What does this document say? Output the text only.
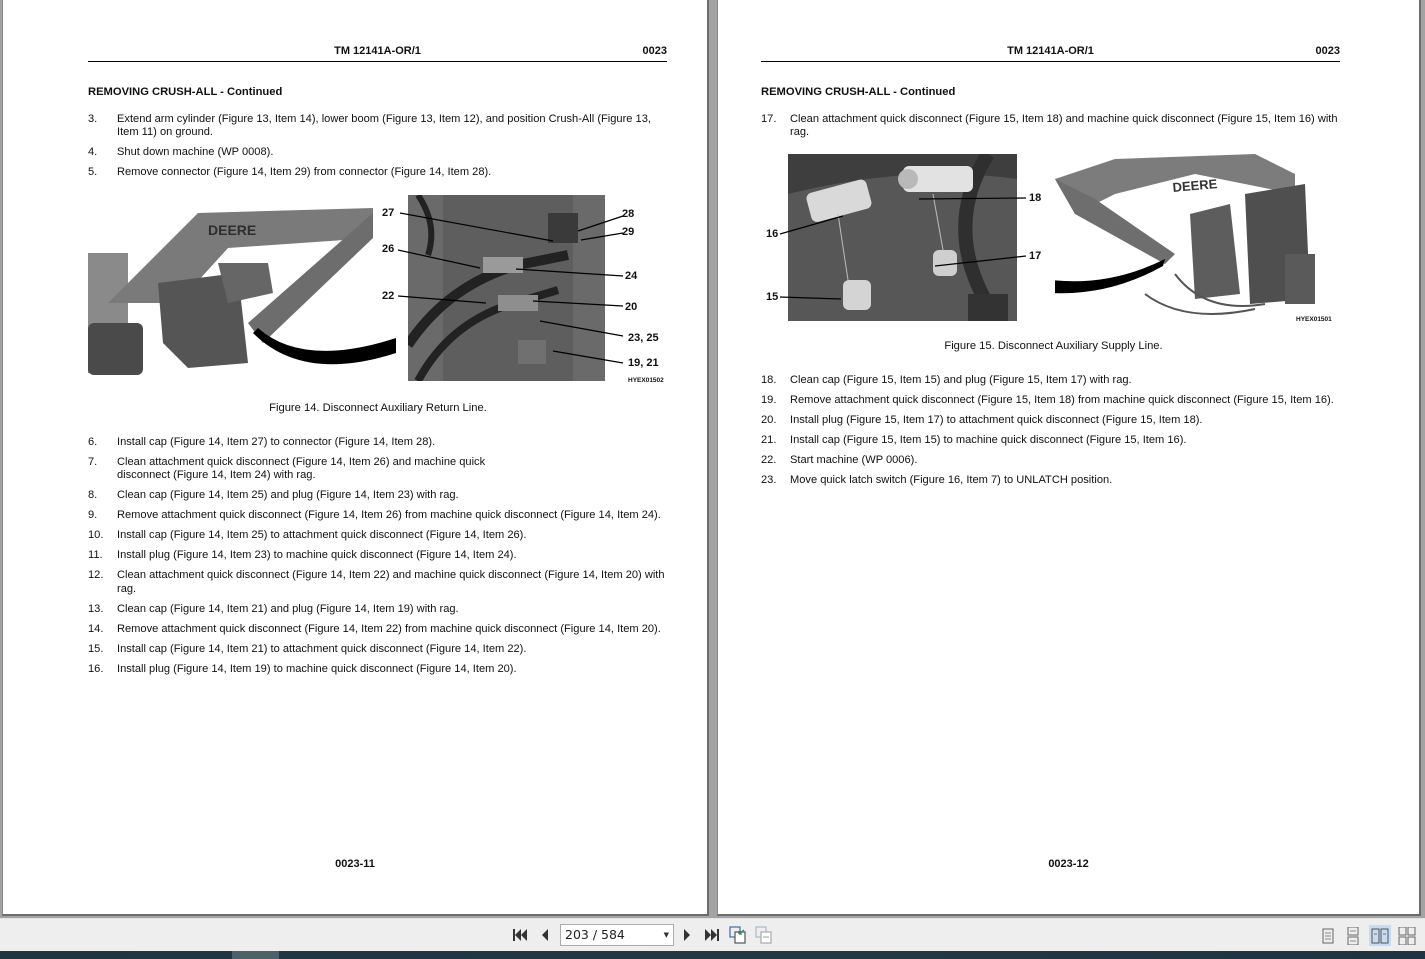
TM 12141A-OR/1	0023
REMOVING CRUSH-ALL - Continued
3. Extend arm cylinder (Figure 13, Item 14), lower boom (Figure 13, Item 12), and position Crush-All (Figure 13, Item 11) on ground.
4. Shut down machine (WP 0008).
5. Remove connector (Figure 14, Item 29) from connector (Figure 14, Item 28).
DEERE
27	28
29
26
24
22
20
23, 25
19, 21
HYEX01502
Figure 14. Disconnect Auxiliary Return Line.
6. Install cap (Figure 14, Item 27) to connector (Figure 14, Item 28).
7. Clean attachment quick disconnect (Figure 14, Item 26) and machine quick disconnect (Figure 14, Item 24) with rag.
8. Clean cap (Figure 14, Item 25) and plug (Figure 14, Item 23) with rag.
9. Remove attachment quick disconnect (Figure 14, Item 26) from machine quick disconnect (Figure 14, Item 24).
10. Install cap (Figure 14, Item 25) to attachment quick disconnect (Figure 14, Item 26).
11. Install plug (Figure 14, Item 23) to machine quick disconnect (Figure 14, Item 24).
12. Clean attachment quick disconnect (Figure 14, Item 22) and machine quick disconnect (Figure 14, Item 20) with rag.
13. Clean cap (Figure 14, Item 21) and plug (Figure 14, Item 19) with rag.
14. Remove attachment quick disconnect (Figure 14, Item 22) from machine quick disconnect (Figure 14, Item 20).
15. Install cap (Figure 14, Item 21) to attachment quick disconnect (Figure 14, Item 22).
16. Install plug (Figure 14, Item 19) to machine quick disconnect (Figure 14, Item 20).
0023-11
TM 12141A-OR/1	0023
REMOVING CRUSH-ALL - Continued
17. Clean attachment quick disconnect (Figure 15, Item 18) and machine quick disconnect (Figure 15, Item 16) with rag.
DEERE
18
16
17
15
HYEX01501
Figure 15. Disconnect Auxiliary Supply Line.
18. Clean cap (Figure 15, Item 15) and plug (Figure 15, Item 17) with rag.
19. Remove attachment quick disconnect (Figure 15, Item 18) from machine quick disconnect (Figure 15, Item 16).
20. Install plug (Figure 15, Item 17) to attachment quick disconnect (Figure 15, Item 18).
21. Install cap (Figure 15, Item 15) to machine quick disconnect (Figure 15, Item 16).
22. Start machine (WP 0006).
23. Move quick latch switch (Figure 16, Item 7) to UNLATCH position.
0023-12
203 / 584	▼
